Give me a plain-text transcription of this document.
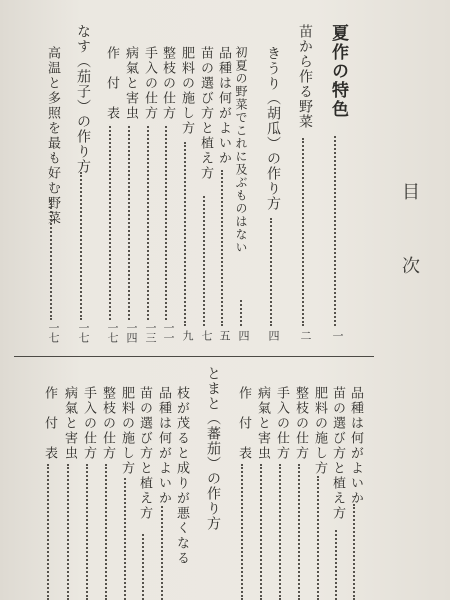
目
次
夏作の特色
一
苗から作る野菜
二
きうり（胡瓜）の作り方
四
初夏の野菜でこれに及ぶものはない
四
品種は何がよいか
五
苗の選び方と植え方
七
肥料の施し方
九
整枝の仕方
一一
手入の仕方
一三
病氣と害虫
一四
作　付　表
一七
なす（茄子）の作り方
一七
高温と多照を最も好む野菜
一七
品種は何がよいか
苗の選び方と植え方
肥料の施し方
整枝の仕方
手入の仕方
病氣と害虫
作　付　表
とまと（蕃茄）の作り方
枝が茂ると成りが悪くなる
品種は何がよいか
苗の選び方と植え方
肥料の施し方
整枝の仕方
手入の仕方
病氣と害虫
作　付　表
